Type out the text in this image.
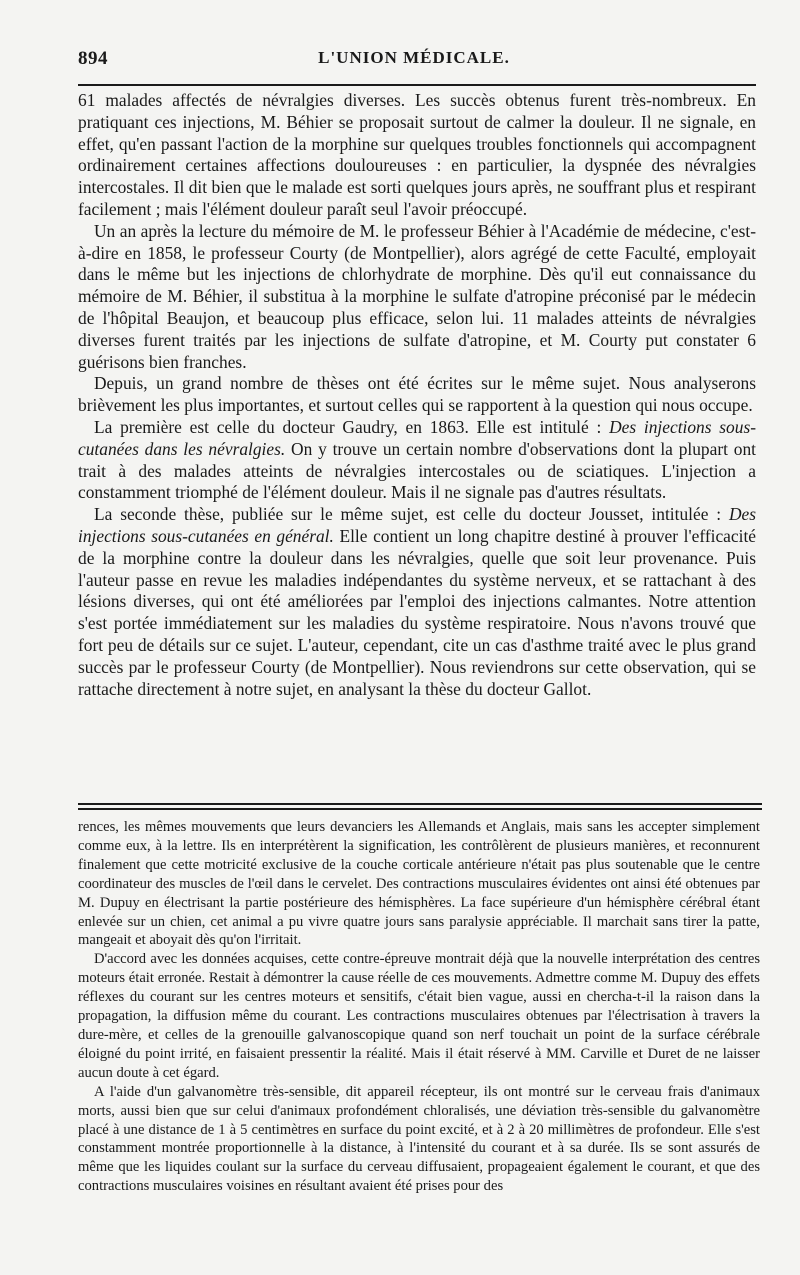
894	L'UNION MÉDICALE.

61 malades affectés de névralgies diverses. Les succès obtenus furent très-nombreux. En pratiquant ces injections, M. Béhier se proposait surtout de calmer la douleur. Il ne signale, en effet, qu'en passant l'action de la morphine sur quelques troubles fonctionnels qui accompagnent ordinairement certaines affections douloureuses : en particulier, la dyspnée des névralgies intercostales. Il dit bien que le malade est sorti quelques jours après, ne souffrant plus et respirant facilement ; mais l'élément douleur paraît seul l'avoir préoccupé.

Un an après la lecture du mémoire de M. le professeur Béhier à l'Académie de médecine, c'est-à-dire en 1858, le professeur Courty (de Montpellier), alors agrégé de cette Faculté, employait dans le même but les injections de chlorhydrate de morphine. Dès qu'il eut connaissance du mémoire de M. Béhier, il substitua à la morphine le sulfate d'atropine préconisé par le médecin de l'hôpital Beaujon, et beaucoup plus efficace, selon lui. 11 malades atteints de névralgies diverses furent traités par les injections de sulfate d'atropine, et M. Courty put constater 6 guérisons bien franches.

Depuis, un grand nombre de thèses ont été écrites sur le même sujet. Nous analyserons brièvement les plus importantes, et surtout celles qui se rapportent à la question qui nous occupe.

La première est celle du docteur Gaudry, en 1863. Elle est intitulé : Des injections sous-cutanées dans les névralgies. On y trouve un certain nombre d'observations dont la plupart ont trait à des malades atteints de névralgies intercostales ou de sciatiques. L'injection a constamment triomphé de l'élément douleur. Mais il ne signale pas d'autres résultats.

La seconde thèse, publiée sur le même sujet, est celle du docteur Jousset, intitulée : Des injections sous-cutanées en général. Elle contient un long chapitre destiné à prouver l'efficacité de la morphine contre la douleur dans les névralgies, quelle que soit leur provenance. Puis l'auteur passe en revue les maladies indépendantes du système nerveux, et se rattachant à des lésions diverses, qui ont été améliorées par l'emploi des injections calmantes. Notre attention s'est portée immédiatement sur les maladies du système respiratoire. Nous n'avons trouvé que fort peu de détails sur ce sujet. L'auteur, cependant, cite un cas d'asthme traité avec le plus grand succès par le professeur Courty (de Montpellier). Nous reviendrons sur cette observation, qui se rattache directement à notre sujet, en analysant la thèse du docteur Gallot.

rences, les mêmes mouvements que leurs devanciers les Allemands et Anglais, mais sans les accepter simplement comme eux, à la lettre. Ils en interprétèrent la signification, les contrôlèrent de plusieurs manières, et reconnurent finalement que cette motricité exclusive de la couche corticale antérieure n'était pas plus soutenable que le centre coordinateur des muscles de l'œil dans le cervelet. Des contractions musculaires évidentes ont ainsi été obtenues par M. Dupuy en électrisant la partie postérieure des hémisphères. La face supérieure d'un hémisphère cérébral étant enlevée sur un chien, cet animal a pu vivre quatre jours sans paralysie appréciable. Il marchait sans tirer la patte, mangeait et aboyait dès qu'on l'irritait.

D'accord avec les données acquises, cette contre-épreuve montrait déjà que la nouvelle interprétation des centres moteurs était erronée. Restait à démontrer la cause réelle de ces mouvements. Admettre comme M. Dupuy des effets réflexes du courant sur les centres moteurs et sensitifs, c'était bien vague, aussi en chercha-t-il la raison dans la propagation, la diffusion même du courant. Les contractions musculaires obtenues par l'électrisation à travers la dure-mère, et celles de la grenouille galvanoscopique quand son nerf touchait un point de la surface cérébrale éloigné du point irrité, en faisaient pressentir la réalité. Mais il était réservé à MM. Carville et Duret de ne laisser aucun doute à cet égard.

A l'aide d'un galvanomètre très-sensible, dit appareil récepteur, ils ont montré sur le cerveau frais d'animaux morts, aussi bien que sur celui d'animaux profondément chloralisés, une déviation très-sensible du galvanomètre placé à une distance de 1 à 5 centimètres en surface du point excité, et à 2 à 20 millimètres de profondeur. Elle s'est constamment montrée proportionnelle à la distance, à l'intensité du courant et à sa durée. Ils se sont assurés de même que les liquides coulant sur la surface du cerveau diffusaient, propageaient également le courant, et que des contractions musculaires voisines en résultant avaient été prises pour des
